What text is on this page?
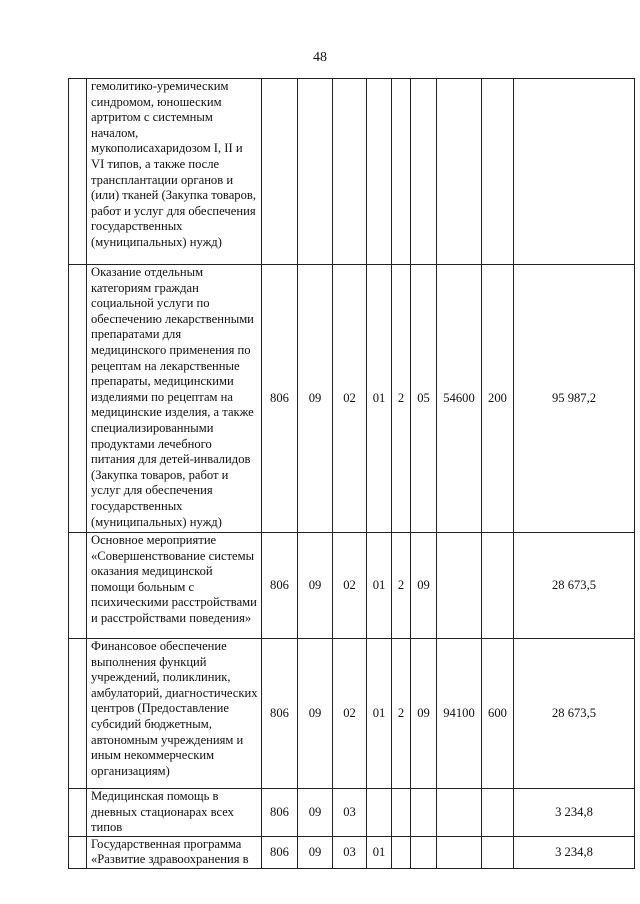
48
	гемолитико-уремическим синдромом, юношеским артритом с системным началом, мукополисахаридозом I, II и VI типов, а также после трансплантации органов и (или) тканей (Закупка товаров, работ и услуг для обеспечения государственных (муниципальных) нужд)									
	Оказание отдельным категориям граждан социальной услуги по обеспечению лекарственными препаратами для медицинского применения по рецептам на лекарственные препараты, медицинскими изделиями по рецептам на медицинские изделия, а также специализированными продуктами лечебного питания для детей-инвалидов (Закупка товаров, работ и услуг для обеспечения государственных (муниципальных) нужд)	806	09	02	01	2	05	54600	200	95 987,2
	Основное мероприятие «Совершенствование системы оказания медицинской помощи больным с психическими расстройствами и расстройствами поведения»	806	09	02	01	2	09			28 673,5
	Финансовое обеспечение выполнения функций учреждений, поликлиник, амбулаторий, диагностических центров (Предоставление субсидий бюджетным, автономным учреждениям и иным некоммерческим организациям)	806	09	02	01	2	09	94100	600	28 673,5
	Медицинская помощь в дневных стационарах всех типов	806	09	03						3 234,8
	Государственная программа «Развитие здравоохранения в	806	09	03	01					3 234,8
